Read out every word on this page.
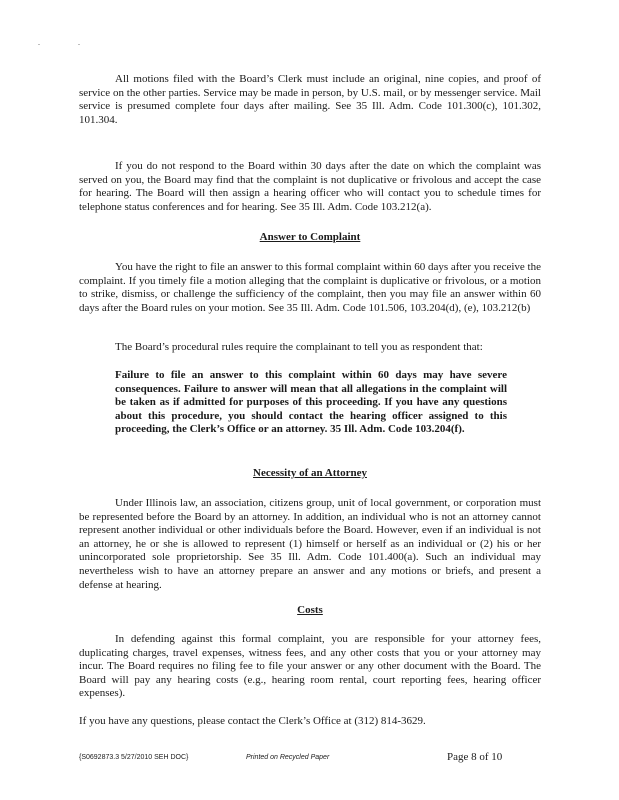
. .
All motions filed with the Board’s Clerk must include an original, nine copies, and proof of service on the other parties. Service may be made in person, by U.S. mail, or by messenger service. Mail service is presumed complete four days after mailing. See 35 Ill. Adm. Code 101.300(c), 101.302, 101.304.
If you do not respond to the Board within 30 days after the date on which the complaint was served on you, the Board may find that the complaint is not duplicative or frivolous and accept the case for hearing. The Board will then assign a hearing officer who will contact you to schedule times for telephone status conferences and for hearing. See 35 Ill. Adm. Code 103.212(a).
Answer to Complaint
You have the right to file an answer to this formal complaint within 60 days after you receive the complaint. If you timely file a motion alleging that the complaint is duplicative or frivolous, or a motion to strike, dismiss, or challenge the sufficiency of the complaint, then you may file an answer within 60 days after the Board rules on your motion. See 35 Ill. Adm. Code 101.506, 103.204(d), (e), 103.212(b)
The Board’s procedural rules require the complainant to tell you as respondent that:
Failure to file an answer to this complaint within 60 days may have severe consequences. Failure to answer will mean that all allegations in the complaint will be taken as if admitted for purposes of this proceeding. If you have any questions about this procedure, you should contact the hearing officer assigned to this proceeding, the Clerk’s Office or an attorney. 35 Ill. Adm. Code 103.204(f).
Necessity of an Attorney
Under Illinois law, an association, citizens group, unit of local government, or corporation must be represented before the Board by an attorney. In addition, an individual who is not an attorney cannot represent another individual or other individuals before the Board. However, even if an individual is not an attorney, he or she is allowed to represent (1) himself or herself as an individual or (2) his or her unincorporated sole proprietorship. See 35 Ill. Adm. Code 101.400(a). Such an individual may nevertheless wish to have an attorney prepare an answer and any motions or briefs, and present a defense at hearing.
Costs
In defending against this formal complaint, you are responsible for your attorney fees, duplicating charges, travel expenses, witness fees, and any other costs that you or your attorney may incur. The Board requires no filing fee to file your answer or any other document with the Board. The Board will pay any hearing costs (e.g., hearing room rental, court reporting fees, hearing officer expenses).
If you have any questions, please contact the Clerk’s Office at (312) 814-3629.
{S0692873.3 5/27/2010 SEH DOC}	Printed on Recycled Paper	Page 8 of 10
